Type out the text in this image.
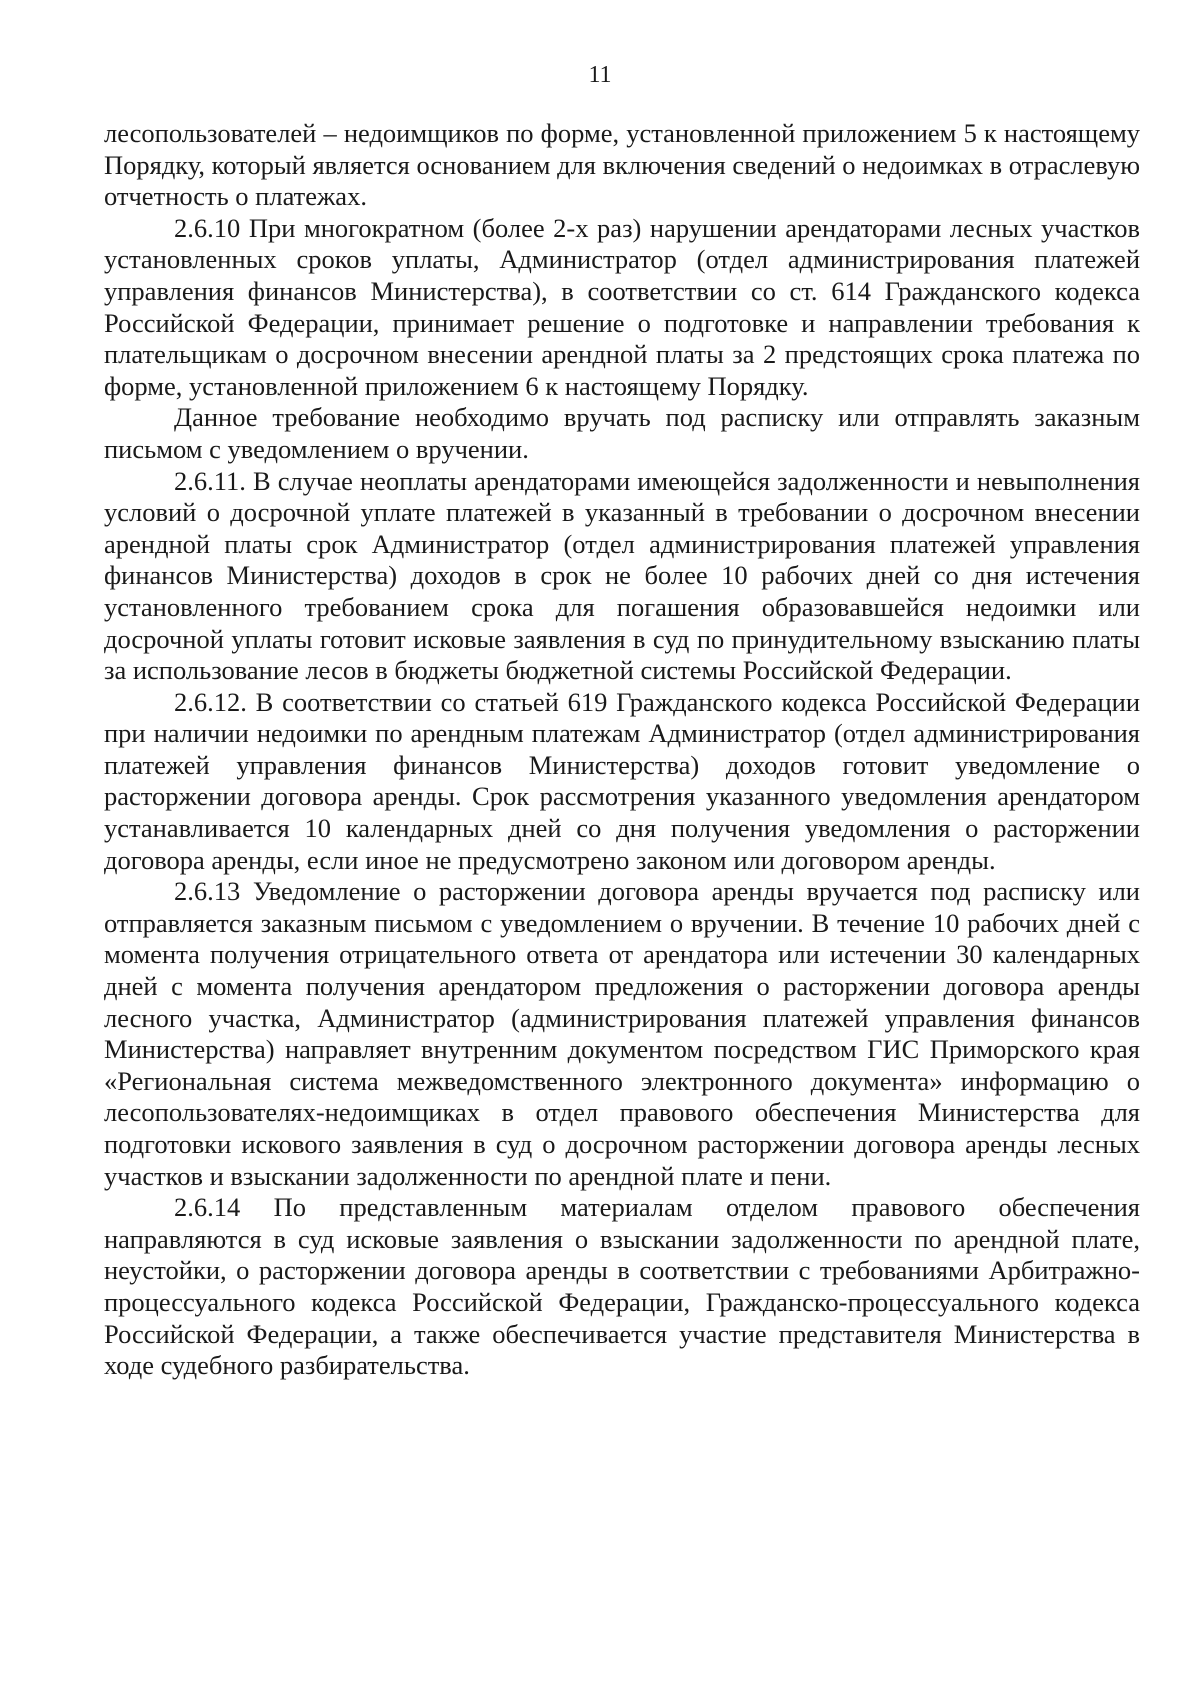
11

лесопользователей – недоимщиков по форме, установленной приложением 5 к настоящему Порядку, который является основанием для включения сведений о недоимках в отраслевую отчетность о платежах.

2.6.10 При многократном (более 2-х раз) нарушении арендаторами лесных участков установленных сроков уплаты, Администратор (отдел администрирования платежей управления финансов Министерства), в соответствии со ст. 614 Гражданского кодекса Российской Федерации, принимает решение о подготовке и направлении требования к плательщикам о досрочном внесении арендной платы за 2 предстоящих срока платежа по форме, установленной приложением 6 к настоящему Порядку.

Данное требование необходимо вручать под расписку или отправлять заказным письмом с уведомлением о вручении.

2.6.11. В случае неоплаты арендаторами имеющейся задолженности и невыполнения условий о досрочной уплате платежей в указанный в требовании о досрочном внесении арендной платы срок Администратор (отдел администрирования платежей управления финансов Министерства) доходов в срок не более 10 рабочих дней со дня истечения установленного требованием срока для погашения образовавшейся недоимки или досрочной уплаты готовит исковые заявления в суд по принудительному взысканию платы за использование лесов в бюджеты бюджетной системы Российской Федерации.

2.6.12. В соответствии со статьей 619 Гражданского кодекса Российской Федерации при наличии недоимки по арендным платежам Администратор (отдел администрирования платежей управления финансов Министерства) доходов готовит уведомление о расторжении договора аренды. Срок рассмотрения указанного уведомления арендатором устанавливается 10 календарных дней со дня получения уведомления о расторжении договора аренды, если иное не предусмотрено законом или договором аренды.

2.6.13 Уведомление о расторжении договора аренды вручается под расписку или отправляется заказным письмом с уведомлением о вручении. В течение 10 рабочих дней с момента получения отрицательного ответа от арендатора или истечении 30 календарных дней с момента получения арендатором предложения о расторжении договора аренды лесного участка, Администратор (администрирования платежей управления финансов Министерства) направляет внутренним документом посредством ГИС Приморского края «Региональная система межведомственного электронного документа» информацию о лесопользователях-недоимщиках в отдел правового обеспечения Министерства для подготовки искового заявления в суд о досрочном расторжении договора аренды лесных участков и взыскании задолженности по арендной плате и пени.

2.6.14 По представленным материалам отделом правового обеспечения направляются в суд исковые заявления о взыскании задолженности по арендной плате, неустойки, о расторжении договора аренды в соответствии с требованиями Арбитражно-процессуального кодекса Российской Федерации, Гражданско-процессуального кодекса Российской Федерации, а также обеспечивается участие представителя Министерства в ходе судебного разбирательства.
